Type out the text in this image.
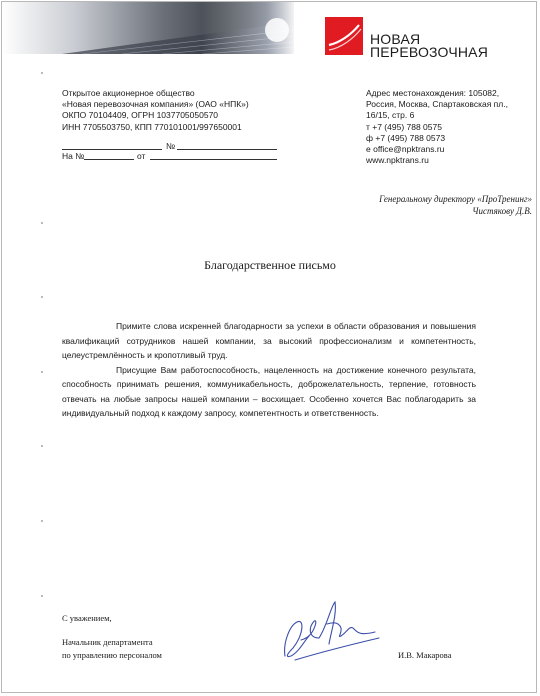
НОВАЯ
ПЕРЕВОЗОЧНАЯ
Открытое акционерное общество
«Новая перевозочная компания» (ОАО «НПК»)
ОКПО 70104409, ОГРН 1037705050570
ИНН 7705503750, КПП 770101001/997650001
Адрес местонахождения: 105082,
Россия, Москва, Спартаковская пл.,
16/15, стр. 6
т +7 (495) 788 0575
ф +7 (495) 788 0573
e office@npktrans.ru
www.npktrans.ru
№
На №	от
Генеральному директору «ПроТренинг»
Чистякову Д.В.
Благодарственное письмо

Примите слова искренней благодарности за успехи в области образования и повышения квалификаций сотрудников нашей компании, за высокий профессионализм и компетентность, целеустремлённость и кропотливый труд.

Присущие Вам работоспособность, нацеленность на достижение конечного результата, способность принимать решения, коммуникабельность, доброжелательность, терпение, готовность отвечать на любые запросы нашей компании – восхищает. Особенно хочется Вас поблагодарить за индивидуальный подход к каждому запросу, компетентность и ответственность.

С уважением,
Начальник департамента
по управлению персоналом	И.В. Макарова
